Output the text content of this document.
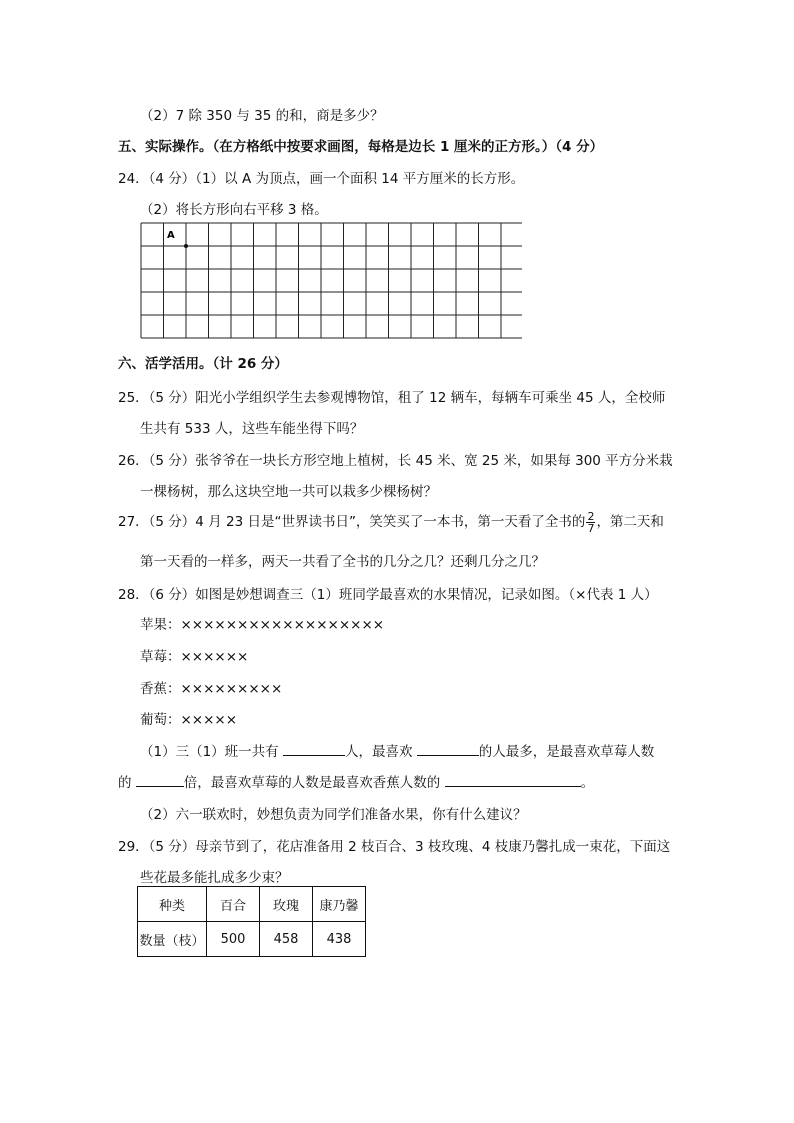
（2）7 除 350 与 35 的和，商是多少？
五、实际操作。（在方格纸中按要求画图，每格是边长 1 厘米的正方形。）（4 分）
24．（4 分）（1）以 A 为顶点，画一个面积 14 平方厘米的长方形。
（2）将长方形向右平移 3 格。
A
六、活学活用。（计 26 分）
25．（5 分）阳光小学组织学生去参观博物馆，租了 12 辆车，每辆车可乘坐 45 人，全校师
生共有 533 人，这些车能坐得下吗？
26．（5 分）张爷爷在一块长方形空地上植树，长 45 米、宽 25 米，如果每 300 平方分米栽
一棵杨树，那么这块空地一共可以栽多少棵杨树？
27．（5 分）4 月 23 日是“世界读书日”，笑笑买了一本书，第一天看了全书的 $\frac{2}{7}$ ，第二天和
第一天看的一样多，两天一共看了全书的几分之几？还剩几分之几？
28．（6 分）如图是妙想调查三（1）班同学最喜欢的水果情况，记录如图。（×代表 1 人）
苹果：××××××××××××××××××
草莓：××××××
香蕉：×××××××××
葡萄：×××××
（1）三（1）班一共有	人，最喜欢	的人最多，是最喜欢草莓人数
的	倍，最喜欢草莓的人数是最喜欢香蕉人数的	。
（2）六一联欢时，妙想负责为同学们准备水果，你有什么建议？
29．（5 分）母亲节到了，花店准备用 2 枝百合、3 枝玫瑰、4 枝康乃馨扎成一束花，下面这
些花最多能扎成多少束？
种类	百合	玫瑰	康乃馨
数量（枝）	500	458	438
